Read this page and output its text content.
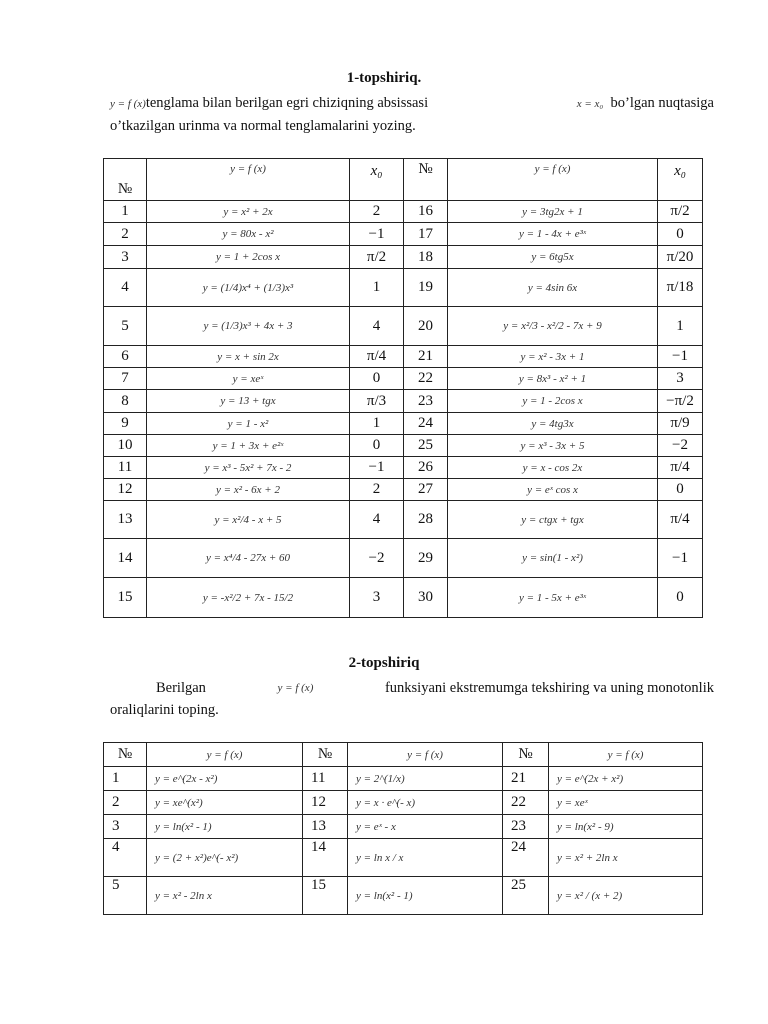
1-topshiriq.
y = f (x)tenglama bilan berilgan egri chiziqning absissasi	x = x₀ bo’lgan nuqtasiga
o’tkazilgan urinma va normal tenglamalarini yozing.
№	y = f (x)	x₀	№	y = f (x)	x₀
1	y = x² + 2x	2	16	y = 3tg2x + 1	π/2
2	y = 80x - x²	−1	17	y = 1 - 4x + e³ˣ	0
3	y = 1 + 2cos x	π/2	18	y = 6tg5x	π/20
4	y = (1/4)x⁴ + (1/3)x³	1	19	y = 4sin 6x	π/18
5	y = (1/3)x³ + 4x + 3	4	20	y = x²/3 - x²/2 - 7x + 9	1
6	y = x + sin 2x	π/4	21	y = x² - 3x + 1	−1
7	y = xeˣ	0	22	y = 8x³ - x² + 1	3
8	y = 13 + tgx	π/3	23	y = 1 - 2cos x	−π/2
9	y = 1 - x²	1	24	y = 4tg3x	π/9
10	y = 1 + 3x + e²ˣ	0	25	y = x³ - 3x + 5	−2
11	y = x³ - 5x² + 7x - 2	−1	26	y = x - cos 2x	π/4
12	y = x² - 6x + 2	2	27	y = eˣ cos x	0
13	y = x²/4 - x + 5	4	28	y = ctgx + tgx	π/4
14	y = x⁴/4 - 27x + 60	−2	29	y = sin(1 - x²)	−1
15	y = -x²/2 + 7x - 15/2	3	30	y = 1 - 5x + e³ˣ	0
2-topshiriq
Berilgan	y = f (x)	funksiyani ekstremumga tekshiring va uning monotonlik
oraliqlarini toping.
№	y = f (x)	№	y = f (x)	№	y = f (x)
1	y = e^(2x - x²)	11	y = 2^(1/x)	21	y = e^(2x + x²)
2	y = xe^(x²)	12	y = x · e^(- x)	22	y = xeˣ
3	y = ln(x² - 1)	13	y = eˣ - x	23	y = ln(x² - 9)
4	y = (2 + x²)e^(- x²)	14	y = ln x / x	24	y = x² + 2ln x
5	y = x² - 2ln x	15	y = ln(x² - 1)	25	y = x² / (x + 2)
